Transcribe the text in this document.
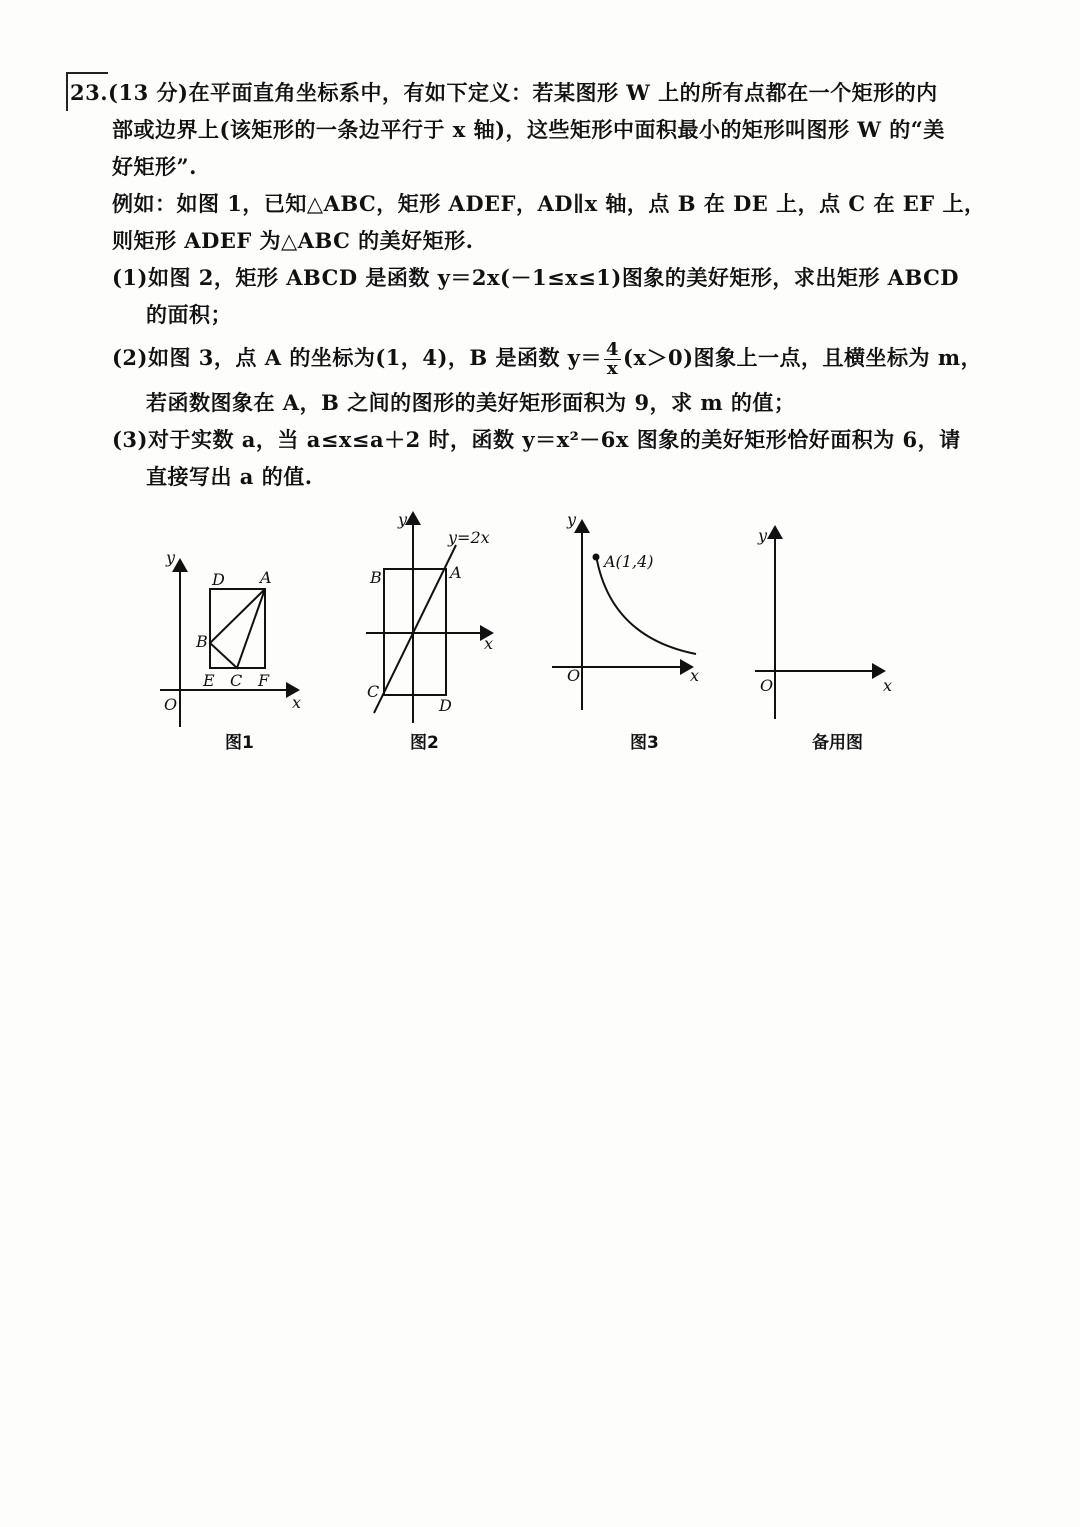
23.(13 分)在平面直角坐标系中，有如下定义：若某图形 W 上的所有点都在一个矩形的内
部或边界上(该矩形的一条边平行于 x 轴)，这些矩形中面积最小的矩形叫图形 W 的“美
好矩形”.
例如：如图 1，已知△ABC，矩形 ADEF，AD∥x 轴，点 B 在 DE 上，点 C 在 EF 上，
则矩形 ADEF 为△ABC 的美好矩形.
(1)如图 2，矩形 ABCD 是函数 y＝2x(－1≤x≤1)图象的美好矩形，求出矩形 ABCD
的面积；
(2)如图 3，点 A 的坐标为(1，4)，B 是函数 $y= \frac{4}{x} (x>0)$图象上一点，且横坐标为 m，
若函数图象在 A，B 之间的图形的美好矩形面积为 9，求 m 的值；
(3)对于实数 a，当 a≤x≤a＋2 时，函数 y＝x²－6x 图象的美好矩形恰好面积为 6，请
直接写出 a 的值.
y
x
O
D A
B
E C F
图1
y
x
y=2x
A
B
C
D
图2
y
x
O
A(1,4)
图3
y
x
O
备用图
